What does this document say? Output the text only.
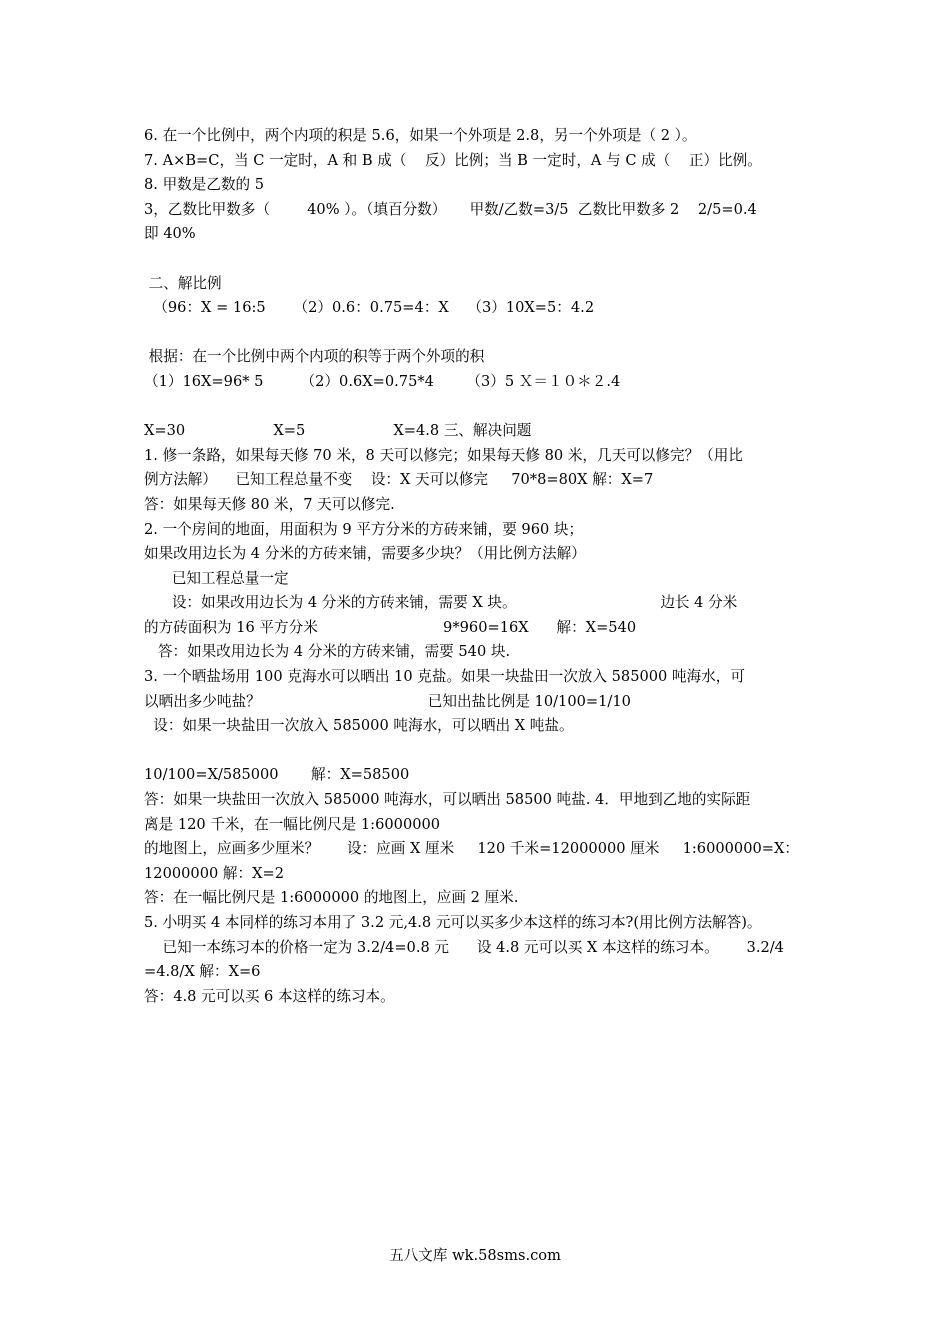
6. 在一个比例中，两个内项的积是 5.6，如果一个外项是 2.8，另一个外项是（ 2 ）。
7. A×B=C，当 C 一定时，A 和 B 成（    反）比例；当 B 一定时，A 与 C 成（    正）比例。
8. 甲数是乙数的 5
3，乙数比甲数多（        40% ）。（填百分数）     甲数/乙数=3/5  乙数比甲数多 2    2/5=0.4
即 40%
二、解比例
（96：X = 16:5      （2）0.6：0.75=4：X    （3）10X=5：4.2
根据：在一个比例中两个内项的积等于两个外项的积
（1）16X=96* 5        （2）0.6X=0.75*4       （3）5 Ｘ＝１０＊２.4
X=30                   X=5                   X=4.8 三、解决问题
1. 修一条路，如果每天修 70 米，8 天可以修完；如果每天修 80 米，几天可以修完？（用比
例方法解）    已知工程总量不变    设：X 天可以修完     70*8=80X 解：X=7
答：如果每天修 80 米，7 天可以修完.
2. 一个房间的地面，用面积为 9 平方分米的方砖来铺，要 960 块；
如果改用边长为 4 分米的方砖来铺，需要多少块？（用比例方法解）
已知工程总量一定
设：如果改用边长为 4 分米的方砖来铺，需要 X 块。                               边长 4 分米
的方砖面积为 16 平方分米                           9*960=16X      解：X=540
答：如果改用边长为 4 分米的方砖来铺，需要 540 块.
3. 一个晒盐场用 100 克海水可以晒出 10 克盐。如果一块盐田一次放入 585000 吨海水，可
以晒出多少吨盐？                                    已知出盐比例是 10/100=1/10
设：如果一块盐田一次放入 585000 吨海水，可以晒出 X 吨盐。
10/100=X/585000       解：X=58500
答：如果一块盐田一次放入 585000 吨海水，可以晒出 58500 吨盐. 4．甲地到乙地的实际距
离是 120 千米，在一幅比例尺是 1:6000000
的地图上，应画多少厘米？      设：应画 X 厘米     120 千米=12000000 厘米     1:6000000=X：
12000000 解：X=2
答：在一幅比例尺是 1:6000000 的地图上，应画 2 厘米.
5. 小明买 4 本同样的练习本用了 3.2 元,4.8 元可以买多少本这样的练习本?(用比例方法解答)。
已知一本练习本的价格一定为 3.2/4=0.8 元      设 4.8 元可以买 X 本这样的练习本。      3.2/4
=4.8/X 解：X=6
答：4.8 元可以买 6 本这样的练习本。
五八文库 wk.58sms.com
